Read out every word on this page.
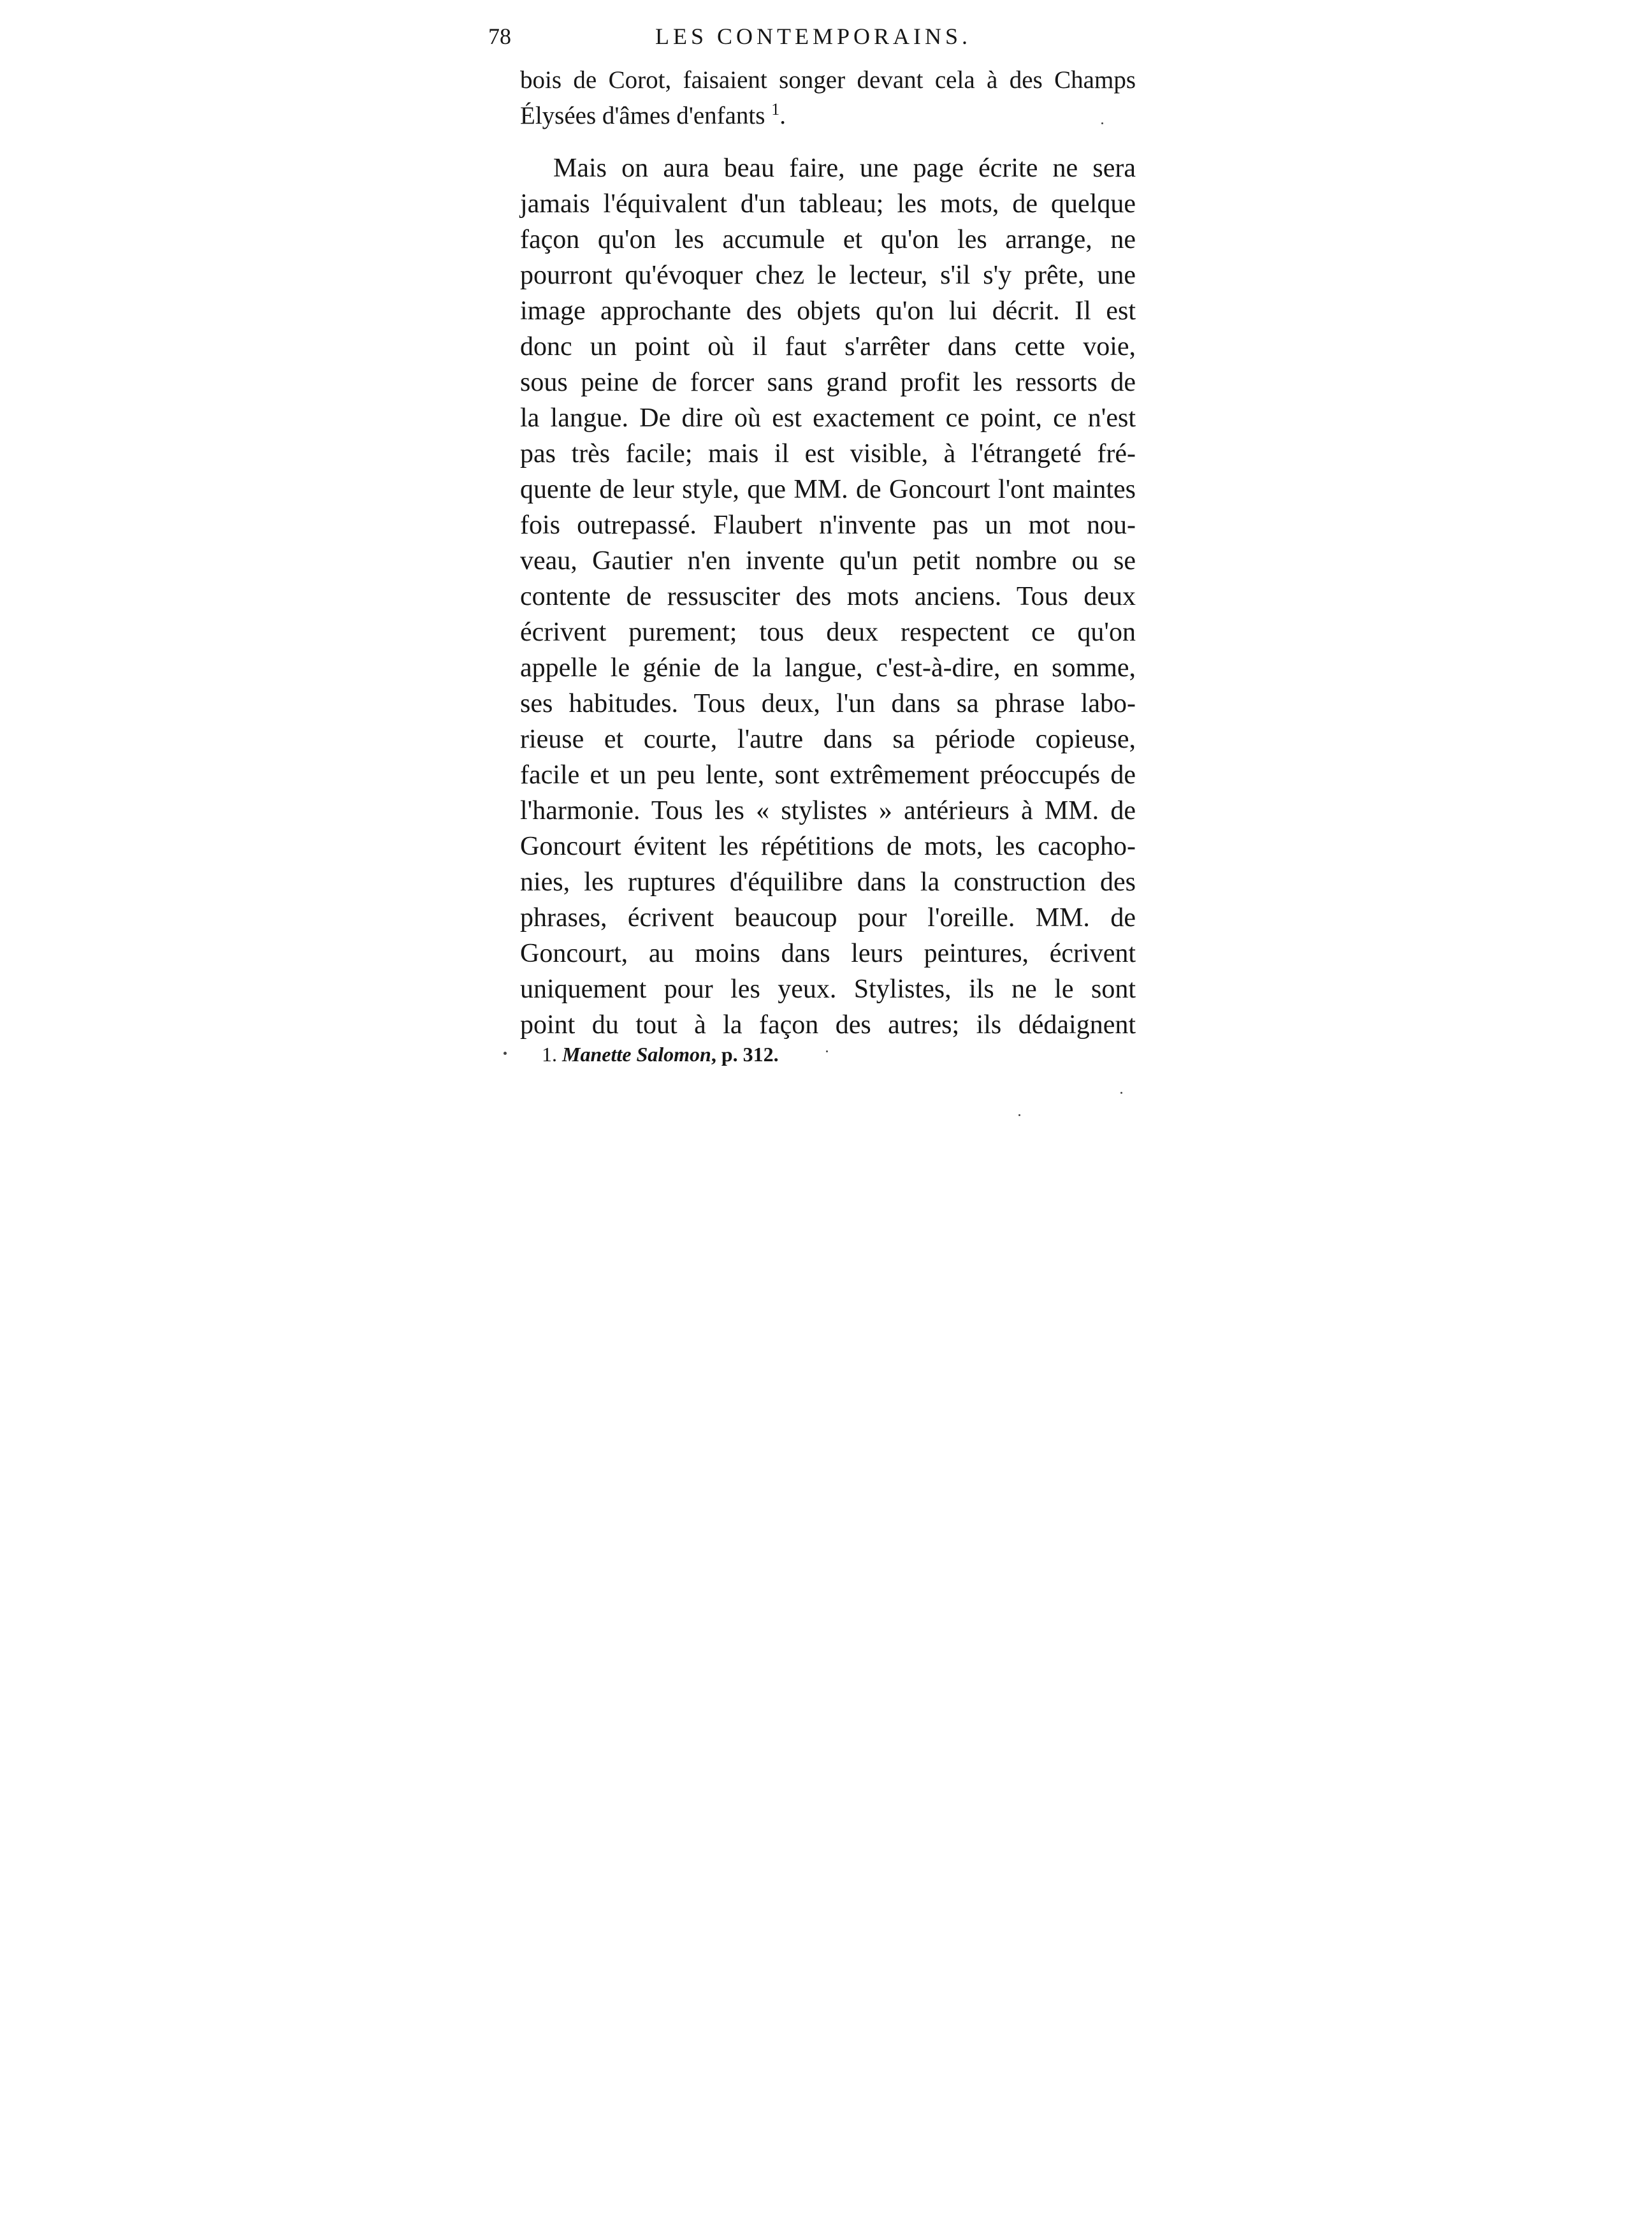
78	LES CONTEMPORAINS.
bois de Corot, faisaient songer devant cela à des Champs
Élysées d'âmes d'enfants $^1$.
Mais on aura beau faire, une page écrite ne sera
jamais l'équivalent d'un tableau; les mots, de quelque
façon qu'on les accumule et qu'on les arrange, ne
pourront qu'évoquer chez le lecteur, s'il s'y prête, une
image approchante des objets qu'on lui décrit. Il est
donc un point où il faut s'arrêter dans cette voie,
sous peine de forcer sans grand profit les ressorts de
la langue. De dire où est exactement ce point, ce n'est
pas très facile; mais il est visible, à l'étrangeté fré-
quente de leur style, que MM. de Goncourt l'ont maintes
fois outrepassé. Flaubert n'invente pas un mot nou-
veau, Gautier n'en invente qu'un petit nombre ou se
contente de ressusciter des mots anciens. Tous deux
écrivent purement; tous deux respectent ce qu'on
appelle le génie de la langue, c'est-à-dire, en somme,
ses habitudes. Tous deux, l'un dans sa phrase labo-
rieuse et courte, l'autre dans sa période copieuse,
facile et un peu lente, sont extrêmement préoccupés de
l'harmonie. Tous les « stylistes » antérieurs à MM. de
Goncourt évitent les répétitions de mots, les cacopho-
nies, les ruptures d'équilibre dans la construction des
phrases, écrivent beaucoup pour l'oreille. MM. de
Goncourt, au moins dans leurs peintures, écrivent
uniquement pour les yeux. Stylistes, ils ne le sont
point du tout à la façon des autres; ils dédaignent
1. Manette Salomon, p. 312.
